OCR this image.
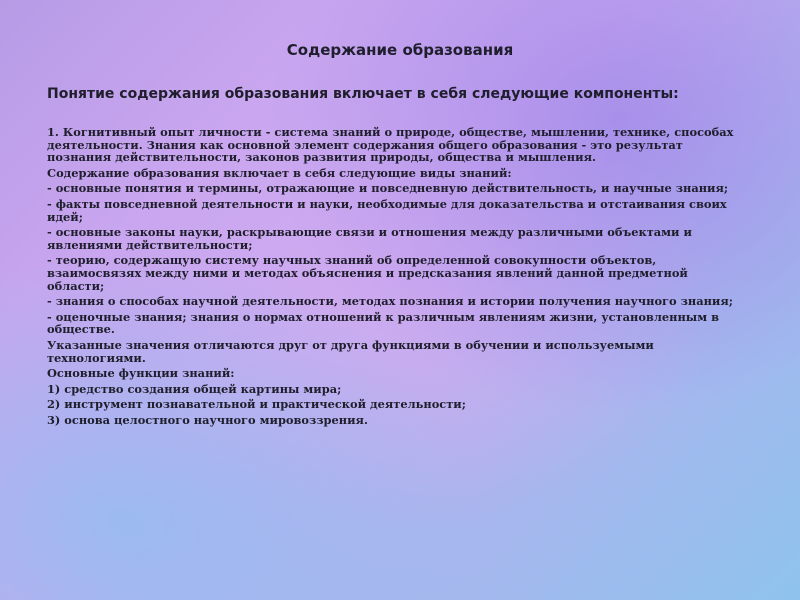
Содержание образования
Понятие содержания образования включает в себя следующие компоненты:

1. Когнитивный опыт личности - система знаний о природе, обществе, мышлении, технике, способах деятельности. Знания как основной элемент содержания общего образования - это результат познания действительности, законов развития природы, общества и мышления.

Содержание образования включает в себя следующие виды знаний:

- основные понятия и термины, отражающие и повседневную действительность, и научные знания;

- факты повседневной деятельности и науки, необходимые для доказательства и отстаивания своих идей;

- основные законы науки, раскрывающие связи и отношения между различными объектами и явлениями действительности;

- теорию, содержащую систему научных знаний об определенной совокупности объектов, взаимосвязях между ними и методах объяснения и предсказания явлений данной предметной области;

- знания о способах научной деятельности, методах познания и истории получения научного знания;

- оценочные знания; знания о нормах отношений к различным явлениям жизни, установленным в обществе.

Указанные значения отличаются друг от друга функциями в обучении и используемыми технологиями.

Основные функции знаний:

1) средство создания общей картины мира;

2) инструмент познавательной и практической деятельности;

3) основа целостного научного мировоззрения.
